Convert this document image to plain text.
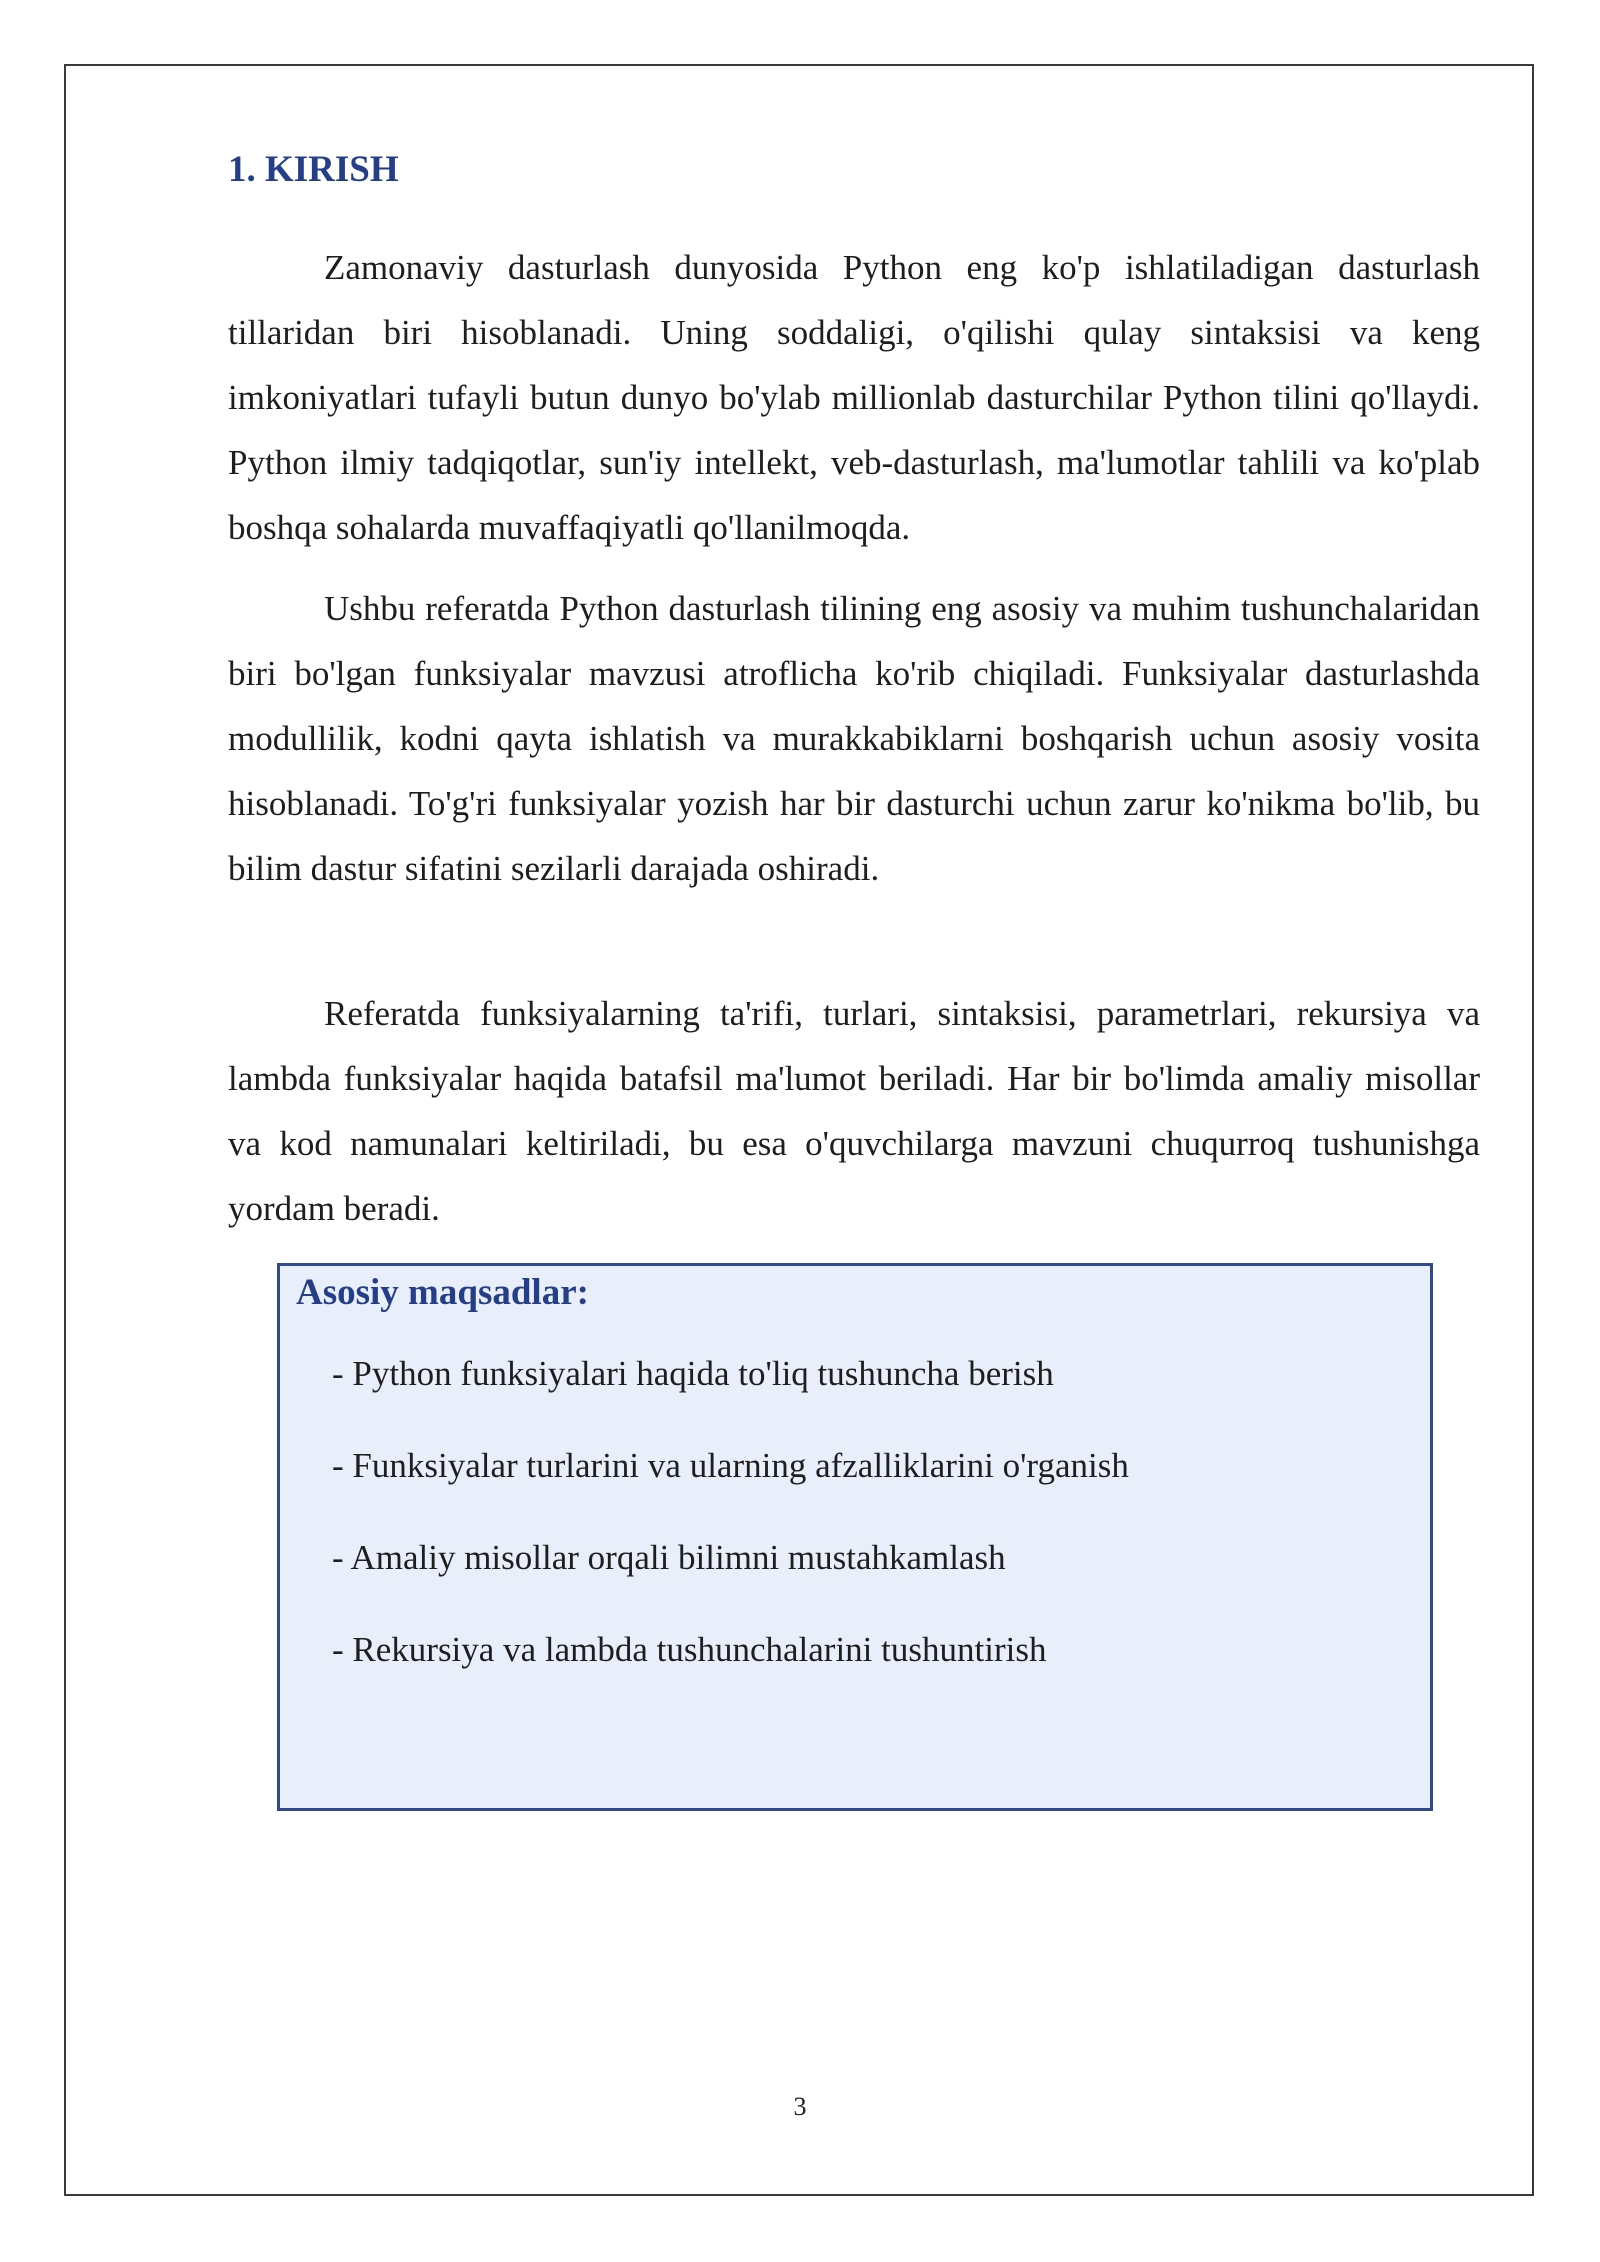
1. KIRISH

Zamonaviy dasturlash dunyosida Python eng ko'p ishlatiladigan dasturlash tillaridan biri hisoblanadi. Uning soddaligi, o'qilishi qulay sintaksisi va keng imkoniyatlari tufayli butun dunyo bo'ylab millionlab dasturchilar Python tilini qo'llaydi. Python ilmiy tadqiqotlar, sun'iy intellekt, veb-dasturlash, ma'lumotlar tahlili va ko'plab boshqa sohalarda muvaffaqiyatli qo'llanilmoqda.

Ushbu referatda Python dasturlash tilining eng asosiy va muhim tushunchalaridan biri bo'lgan funksiyalar mavzusi atroflicha ko'rib chiqiladi. Funksiyalar dasturlashda modullilik, kodni qayta ishlatish va murakkabiklarni boshqarish uchun asosiy vosita hisoblanadi. To'g'ri funksiyalar yozish har bir dasturchi uchun zarur ko'nikma bo'lib, bu bilim dastur sifatini sezilarli darajada oshiradi.

Referatda funksiyalarning ta'rifi, turlari, sintaksisi, parametrlari, rekursiya va lambda funksiyalar haqida batafsil ma'lumot beriladi. Har bir bo'limda amaliy misollar va kod namunalari keltiriladi, bu esa o'quvchilarga mavzuni chuqurroq tushunishga yordam beradi.

Asosiy maqsadlar:
- Python funksiyalari haqida to'liq tushuncha berish
- Funksiyalar turlarini va ularning afzalliklarini o'rganish
- Amaliy misollar orqali bilimni mustahkamlash
- Rekursiya va lambda tushunchalarini tushuntirish
3
